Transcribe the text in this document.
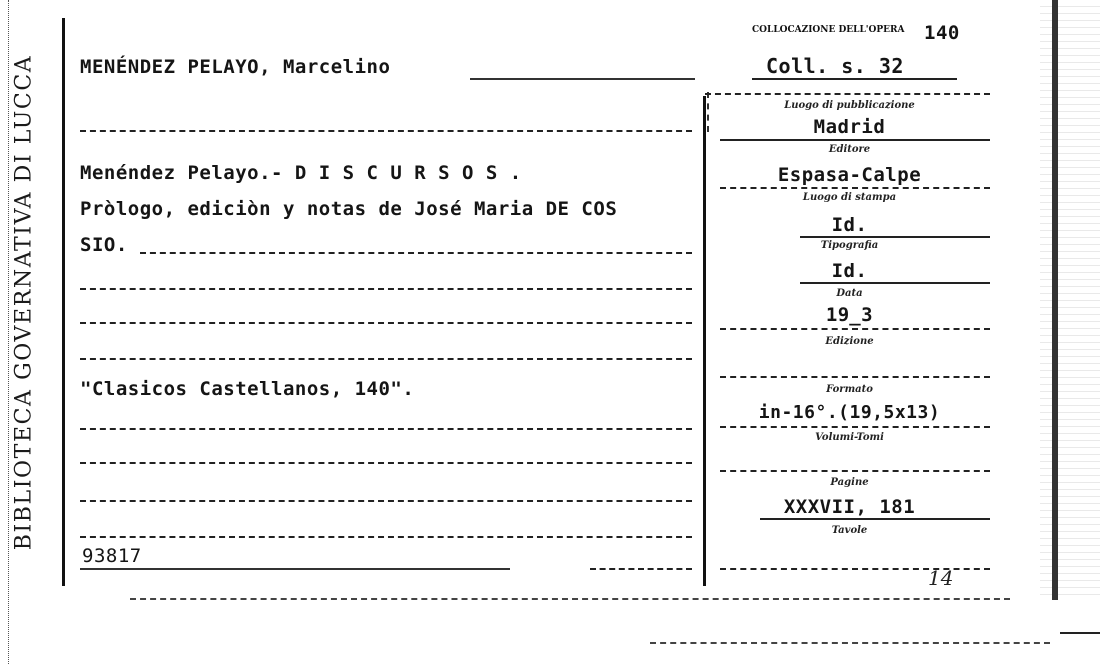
BIBLIOTECA GOVERNATIVA DI LUCCA MENÉNDEZ PELAYO, Marcelino
COLLOCAZIONE DELL'OPERA 140
Coll. s. 32
Menéndez Pelayo.- D I S C U R S O S .
Pròlogo, ediciòn y notas de José Maria DE COS
SIO.
"Clasicos Castellanos, 140".
93817
Luogo di pubblicazione
Madrid
Editore
Espasa-Calpe
Luogo di stampa
Id.
Tipografia
Id.
Data
19̲3
Edizione
Formato
in-16°.(19,5x13)
Volumi-Tomi
Pagine
XXXVII, 181
Tavole
14
